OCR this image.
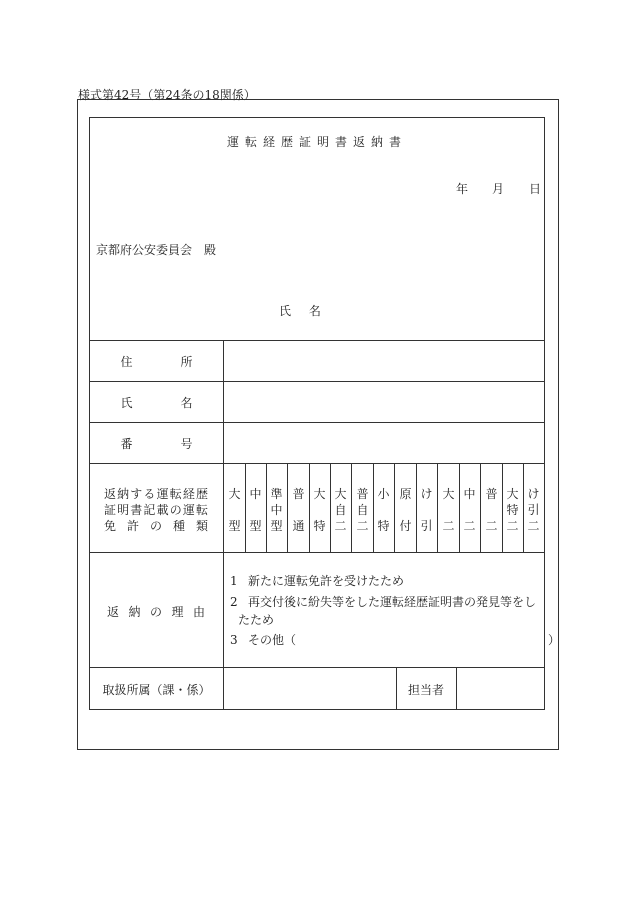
様式第42号（第24条の18関係）
運転経歴証明書返納書
年 月 日
京都府公安委員会　殿
氏 名
住　　　　所
氏　　　　名
番　　　　号
返納する運転経歴
証明書記載の運転
免許の種類
大
型
中
型
準
中
型
普
通
大
特
大
自
二
普
自
二
小
特
原
付
け
引
大
二
中
二
普
二
大
特
二
け
引
二
返納の理由
1 新たに運転免許を受けたため
2 再交付後に紛失等をした運転経歴証明書の発見等をし
たため
3 その他（　　　　　　　　　　　　　　　　　　　　　）
取扱所属（課・係）	担当者
